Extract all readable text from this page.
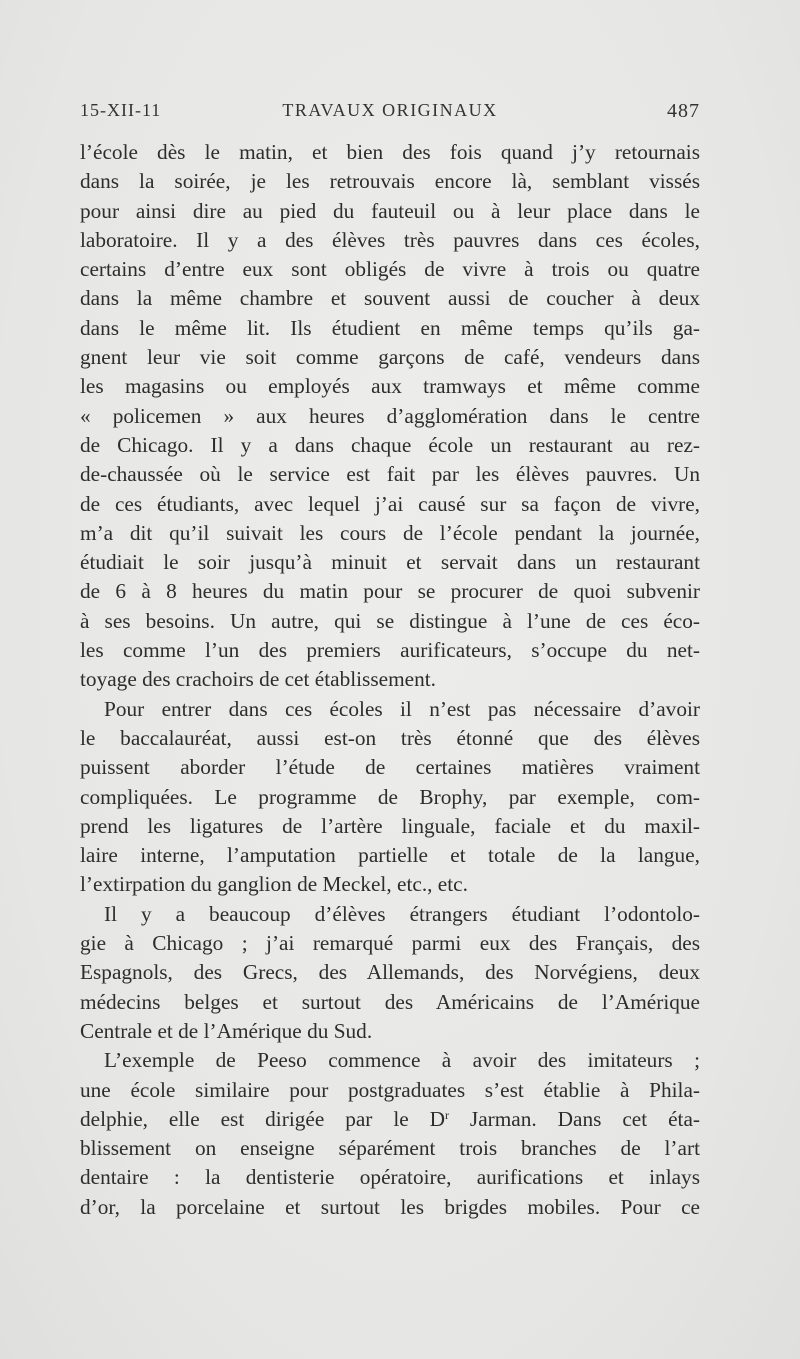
15-XII-11	TRAVAUX ORIGINAUX	487
l’école dès le matin, et bien des fois quand j’y retournais
dans la soirée, je les retrouvais encore là, semblant vissés
pour ainsi dire au pied du fauteuil ou à leur place dans le
laboratoire. Il y a des élèves très pauvres dans ces écoles,
certains d’entre eux sont obligés de vivre à trois ou quatre
dans la même chambre et souvent aussi de coucher à deux
dans le même lit. Ils étudient en même temps qu’ils ga-
gnent leur vie soit comme garçons de café, vendeurs dans
les magasins ou employés aux tramways et même comme
« policemen » aux heures d’agglomération dans le centre
de Chicago. Il y a dans chaque école un restaurant au rez-
de-chaussée où le service est fait par les élèves pauvres. Un
de ces étudiants, avec lequel j’ai causé sur sa façon de vivre,
m’a dit qu’il suivait les cours de l’école pendant la journée,
étudiait le soir jusqu’à minuit et servait dans un restaurant
de 6 à 8 heures du matin pour se procurer de quoi subvenir
à ses besoins. Un autre, qui se distingue à l’une de ces éco-
les comme l’un des premiers aurificateurs, s’occupe du net-
toyage des crachoirs de cet établissement.
Pour entrer dans ces écoles il n’est pas nécessaire d’avoir
le baccalauréat, aussi est-on très étonné que des élèves
puissent aborder l’étude de certaines matières vraiment
compliquées. Le programme de Brophy, par exemple, com-
prend les ligatures de l’artère linguale, faciale et du maxil-
laire interne, l’amputation partielle et totale de la langue,
l’extirpation du ganglion de Meckel, etc., etc.
Il y a beaucoup d’élèves étrangers étudiant l’odontolo-
gie à Chicago ; j’ai remarqué parmi eux des Français, des
Espagnols, des Grecs, des Allemands, des Norvégiens, deux
médecins belges et surtout des Américains de l’Amérique
Centrale et de l’Amérique du Sud.
L’exemple de Peeso commence à avoir des imitateurs ;
une école similaire pour postgraduates s’est établie à Phila-
delphie, elle est dirigée par le $D^r$ Jarman. Dans cet éta-
blissement on enseigne séparément trois branches de l’art
dentaire : la dentisterie opératoire, aurifications et inlays
d’or, la porcelaine et surtout les brigdes mobiles. Pour ce
